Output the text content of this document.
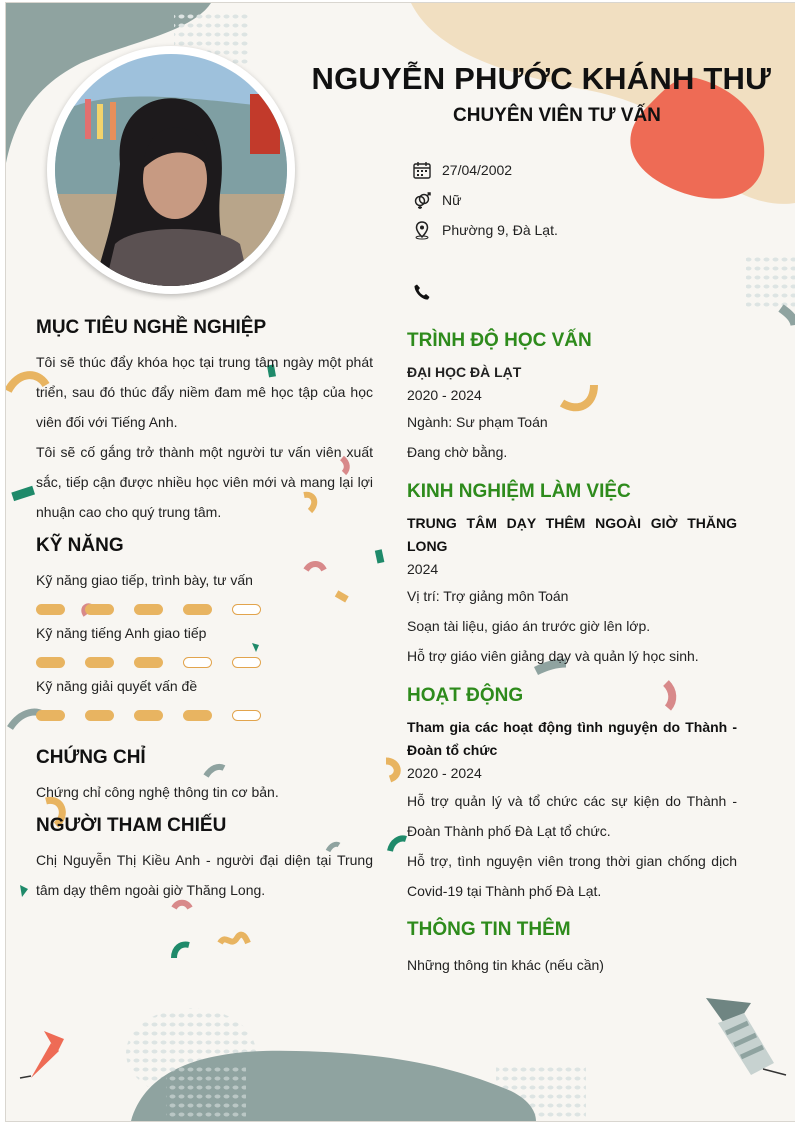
NGUYỄN PHƯỚC KHÁNH THƯ
CHUYÊN VIÊN TƯ VẤN
27/04/2002
Nữ
Phường 9, Đà Lạt.
MỤC TIÊU NGHỀ NGHIỆP
Tôi sẽ thúc đẩy khóa học tại trung tâm ngày một phát triển, sau đó thúc đẩy niềm đam mê học tập của học viên đối với Tiếng Anh.
Tôi sẽ cố gắng trở thành một người tư vấn viên xuất sắc, tiếp cận được nhiều học viên mới và mang lại lợi nhuận cao cho quý trung tâm.
KỸ NĂNG
Kỹ năng giao tiếp, trình bày, tư vấn
Kỹ năng tiếng Anh giao tiếp
Kỹ năng giải quyết vấn đề
CHỨNG CHỈ
Chứng chỉ công nghệ thông tin cơ bản.
NGƯỜI THAM CHIẾU
Chị Nguyễn Thị Kiều Anh - người đại diện tại Trung tâm dạy thêm ngoài giờ Thăng Long.
TRÌNH ĐỘ HỌC VẤN
ĐẠI HỌC ĐÀ LẠT
2020 - 2024
Ngành: Sư phạm Toán
Đang chờ bằng.
KINH NGHIỆM LÀM VIỆC
TRUNG TÂM DẠY THÊM NGOÀI GIỜ THĂNG LONG
2024
Vị trí: Trợ giảng môn Toán
Soạn tài liệu, giáo án trước giờ lên lớp.
Hỗ trợ giáo viên giảng dạy và quản lý học sinh.
HOẠT ĐỘNG
Tham gia các hoạt động tình nguyện do Thành - Đoàn tổ chức
2020 - 2024
Hỗ trợ quản lý và tổ chức các sự kiện do Thành - Đoàn Thành phố Đà Lạt tổ chức.
Hỗ trợ, tình nguyện viên trong thời gian chống dịch Covid-19 tại Thành phố Đà Lạt.
THÔNG TIN THÊM
Những thông tin khác (nếu cần)
